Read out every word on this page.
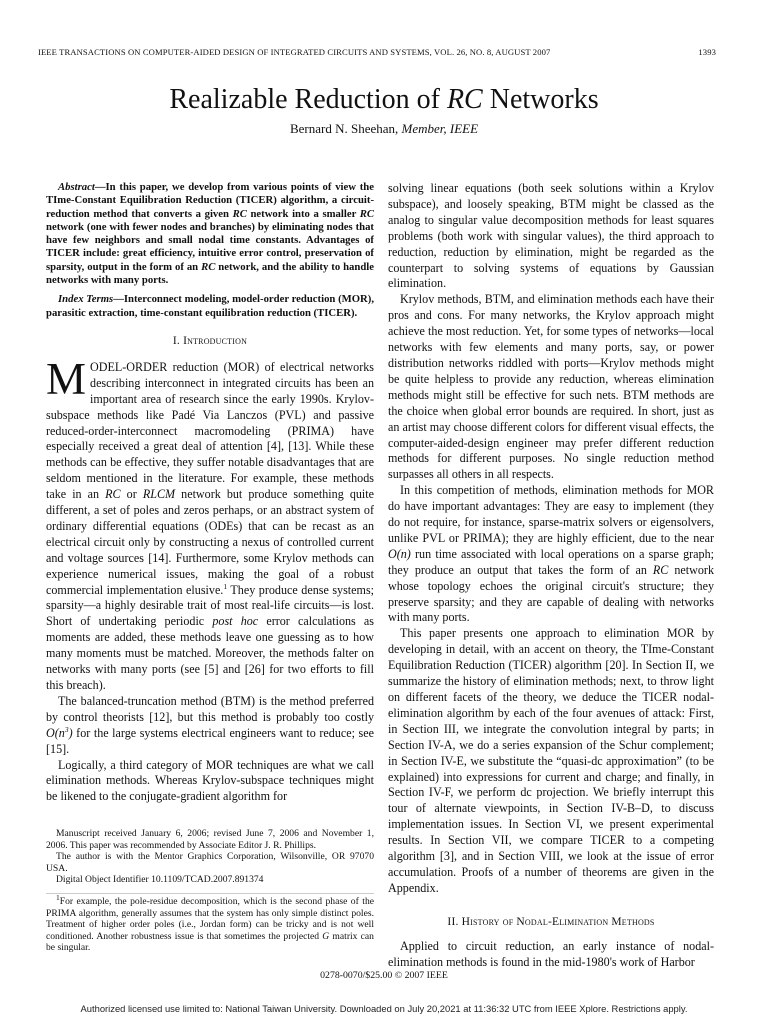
IEEE TRANSACTIONS ON COMPUTER-AIDED DESIGN OF INTEGRATED CIRCUITS AND SYSTEMS, VOL. 26, NO. 8, AUGUST 2007	1393
Realizable Reduction of RC Networks
Bernard N. Sheehan, Member, IEEE

Abstract—In this paper, we develop from various points of view the TIme-Constant Equilibration Reduction (TICER) algorithm, a circuit-reduction method that converts a given RC network into a smaller RC network (one with fewer nodes and branches) by eliminating nodes that have few neighbors and small nodal time constants. Advantages of TICER include: great efficiency, intuitive error control, preservation of sparsity, output in the form of an RC network, and the ability to handle networks with many ports.

Index Terms—Interconnect modeling, model-order reduction (MOR), parasitic extraction, time-constant equilibration reduction (TICER).

I. Introduction

MODEL-ORDER reduction (MOR) of electrical networks describing interconnect in integrated circuits has been an important area of research since the early 1990s. Krylov-subspace methods like Padé Via Lanczos (PVL) and passive reduced-order-interconnect macromodeling (PRIMA) have especially received a great deal of attention [4], [13]. While these methods can be effective, they suffer notable disadvantages that are seldom mentioned in the literature. For example, these methods take in an RC or RLCM network but produce something quite different, a set of poles and zeros perhaps, or an abstract system of ordinary differential equations (ODEs) that can be recast as an electrical circuit only by constructing a nexus of controlled current and voltage sources [14]. Furthermore, some Krylov methods can experience numerical issues, making the goal of a robust commercial implementation elusive.$^1$ They produce dense systems; sparsity—a highly desirable trait of most real-life circuits—is lost. Short of undertaking periodic post hoc error calculations as moments are added, these methods leave one guessing as to how many moments must be matched. Moreover, the methods falter on networks with many ports (see [5] and [26] for two efforts to fill this breach).

The balanced-truncation method (BTM) is the method preferred by control theorists [12], but this method is probably too costly $O(n^3)$ for the large systems electrical engineers want to reduce; see [15].

Logically, a third category of MOR techniques are what we call elimination methods. Whereas Krylov-subspace techniques might be likened to the conjugate-gradient algorithm for

Manuscript received January 6, 2006; revised June 7, 2006 and November 1, 2006. This paper was recommended by Associate Editor J. R. Phillips.

The author is with the Mentor Graphics Corporation, Wilsonville, OR 97070 USA.

Digital Object Identifier 10.1109/TCAD.2007.891374

$^1$For example, the pole-residue decomposition, which is the second phase of the PRIMA algorithm, generally assumes that the system has only simple distinct poles. Treatment of higher order poles (i.e., Jordan form) can be tricky and is not well conditioned. Another robustness issue is that sometimes the projected G matrix can be singular.

solving linear equations (both seek solutions within a Krylov subspace), and loosely speaking, BTM might be classed as the analog to singular value decomposition methods for least squares problems (both work with singular values), the third approach to reduction, reduction by elimination, might be regarded as the counterpart to solving systems of equations by Gaussian elimination.

Krylov methods, BTM, and elimination methods each have their pros and cons. For many networks, the Krylov approach might achieve the most reduction. Yet, for some types of networks—local networks with few elements and many ports, say, or power distribution networks riddled with ports—Krylov methods might be quite helpless to provide any reduction, whereas elimination methods might still be effective for such nets. BTM methods are the choice when global error bounds are required. In short, just as an artist may choose different colors for different visual effects, the computer-aided-design engineer may prefer different reduction methods for different purposes. No single reduction method surpasses all others in all respects.

In this competition of methods, elimination methods for MOR do have important advantages: They are easy to implement (they do not require, for instance, sparse-matrix solvers or eigensolvers, unlike PVL or PRIMA); they are highly efficient, due to the near O(n) run time associated with local operations on a sparse graph; they produce an output that takes the form of an RC network whose topology echoes the original circuit's structure; they preserve sparsity; and they are capable of dealing with networks with many ports.

This paper presents one approach to elimination MOR by developing in detail, with an accent on theory, the TIme-Constant Equilibration Reduction (TICER) algorithm [20]. In Section II, we summarize the history of elimination methods; next, to throw light on different facets of the theory, we deduce the TICER nodal-elimination algorithm by each of the four avenues of attack: First, in Section III, we integrate the convolution integral by parts; in Section IV-A, we do a series expansion of the Schur complement; in Section IV-E, we substitute the “quasi-dc approximation” (to be explained) into expressions for current and charge; and finally, in Section IV-F, we perform dc projection. We briefly interrupt this tour of alternate viewpoints, in Section IV-B–D, to discuss implementation issues. In Section VI, we present experimental results. In Section VII, we compare TICER to a competing algorithm [3], and in Section VIII, we look at the issue of error accumulation. Proofs of a number of theorems are given in the Appendix.

II. History of Nodal-Elimination Methods

Applied to circuit reduction, an early instance of nodal-elimination methods is found in the mid-1980's work of Harbor

0278-0070/$25.00 © 2007 IEEE
Authorized licensed use limited to: National Taiwan University. Downloaded on July 20,2021 at 11:36:32 UTC from IEEE Xplore. Restrictions apply.
